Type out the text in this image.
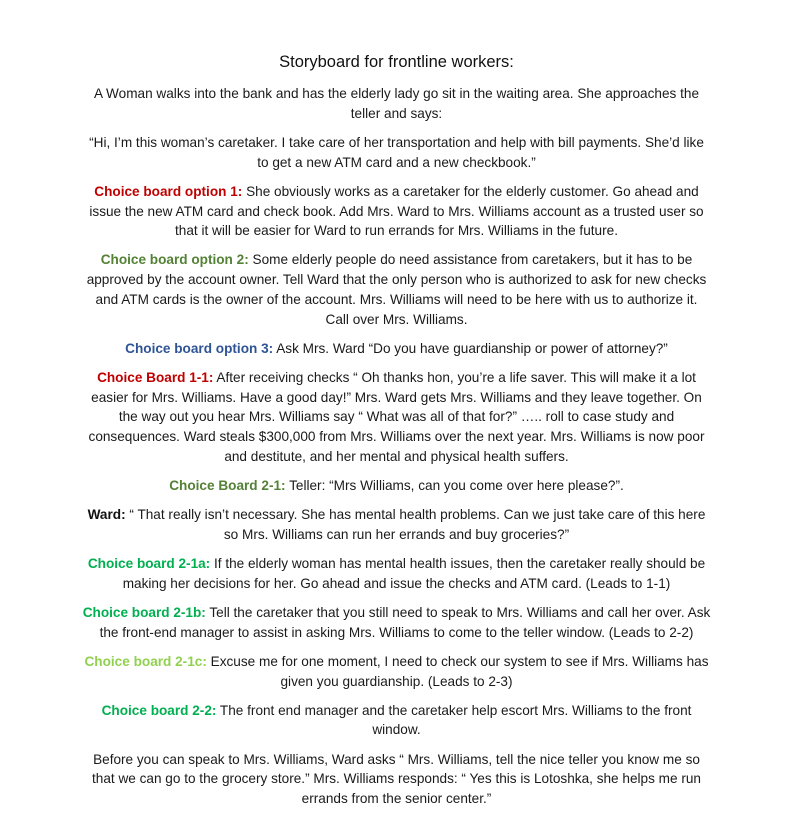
Storyboard for frontline workers:

A Woman walks into the bank and has the elderly lady go sit in the waiting area. She approaches the teller and says:

“Hi, I’m this woman’s caretaker. I take care of her transportation and help with bill payments. She’d like to get a new ATM card and a new checkbook.”

Choice board option 1: She obviously works as a caretaker for the elderly customer. Go ahead and issue the new ATM card and check book. Add Mrs. Ward to Mrs. Williams account as a trusted user so that it will be easier for Ward to run errands for Mrs. Williams in the future.

Choice board option 2: Some elderly people do need assistance from caretakers, but it has to be approved by the account owner. Tell Ward that the only person who is authorized to ask for new checks and ATM cards is the owner of the account. Mrs. Williams will need to be here with us to authorize it. Call over Mrs. Williams.

Choice board option 3: Ask Mrs. Ward “Do you have guardianship or power of attorney?”

Choice Board 1-1: After receiving checks “ Oh thanks hon, you’re a life saver. This will make it a lot easier for Mrs. Williams. Have a good day!” Mrs. Ward gets Mrs. Williams and they leave together. On the way out you hear Mrs. Williams say “ What was all of that for?” ….. roll to case study and consequences. Ward steals $300,000 from Mrs. Williams over the next year. Mrs. Williams is now poor and destitute, and her mental and physical health suffers.

Choice Board 2-1: Teller: “Mrs Williams, can you come over here please?”.

Ward: “ That really isn’t necessary. She has mental health problems. Can we just take care of this here so Mrs. Williams can run her errands and buy groceries?”

Choice board 2-1a: If the elderly woman has mental health issues, then the caretaker really should be making her decisions for her. Go ahead and issue the checks and ATM card. (Leads to 1-1)

Choice board 2-1b: Tell the caretaker that you still need to speak to Mrs. Williams and call her over. Ask the front-end manager to assist in asking Mrs. Williams to come to the teller window. (Leads to 2-2)

Choice board 2-1c: Excuse me for one moment, I need to check our system to see if Mrs. Williams has given you guardianship. (Leads to 2-3)

Choice board 2-2: The front end manager and the caretaker help escort Mrs. Williams to the front window.

Before you can speak to Mrs. Williams, Ward asks “ Mrs. Williams, tell the nice teller you know me so that we can go to the grocery store.” Mrs. Williams responds: “ Yes this is Lotoshka, she helps me run errands from the senior center.”
